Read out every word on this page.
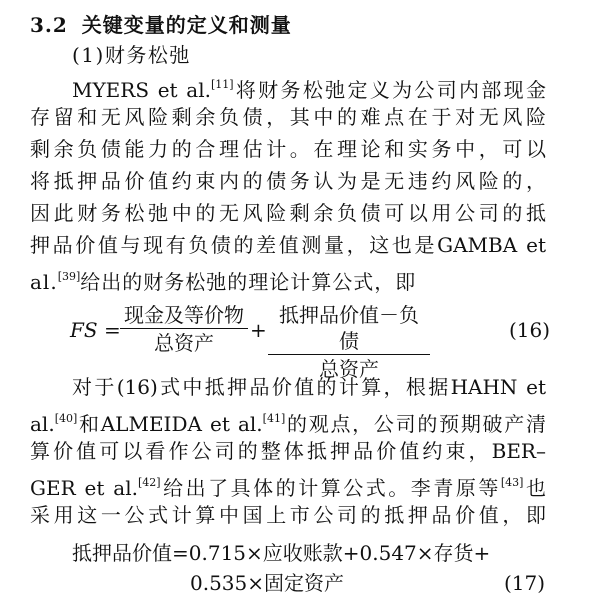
3.2 关键变量的定义和测量
(1)财务松弛
MYERS et al.[11]将财务松弛定义为公司内部现金
存留和无风险剩余负债，其中的难点在于对无风险
剩余负债能力的合理估计。在理论和实务中，可以
将抵押品价值约束内的债务认为是无违约风险的，
因此财务松弛中的无风险剩余负债可以用公司的抵
押品价值与现有负债的差值测量，这也是GAMBA et
al.[39]给出的财务松弛的理论计算公式，即
FS =
现金及等价物
总资产
+
抵押品价值－负债
总资产
(16)
对于(16)式中抵押品价值的计算，根据HAHN et
al.[40]和ALMEIDA et al.[41]的观点，公司的预期破产清
算价值可以看作公司的整体抵押品价值约束，BER–
GER et al.[42]给出了具体的计算公式。李青原等[43]也
采用这一公式计算中国上市公司的抵押品价值，即
抵押品价值=0.715×应收账款+0.547×存货+
0.535×固定资产	(17)
